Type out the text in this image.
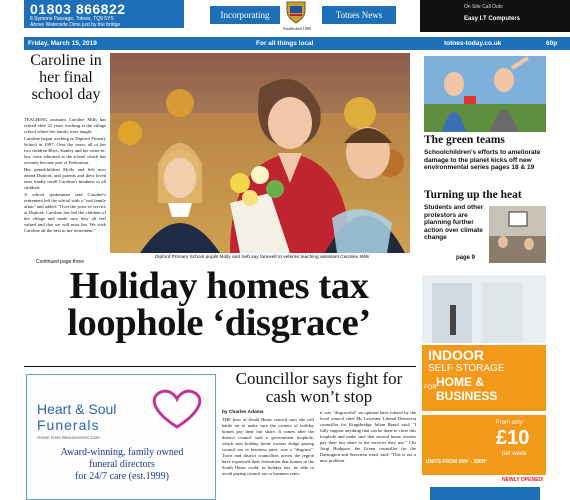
01803 866822
8 Symons Passage, Totnes, TQ9 5YS
Above Waterside Dims just by the bridge
Incorporating
Established 1860
Totnes News
On Site Call Outs
Easy I.T Computers
Friday, March 15, 2019	For all things local	totnes-today.co.uk	60p
Caroline in her final school day

TEACHING assistant Caroline Mills has retired after 22 years working at the village school where her family were taught.

Caroline began working in Dipford Primary School in 1997. Over the years, all of her two children Rhys, Stanley and her sister-in-law, were educated at the school which has recently become part of Federation.

Her grandchildren Molly and Seb now attend Dipford, and parents and their loved ones fondly recall Caroline's kindness to all children.

A school spokesman said Caroline's retirement left the school with a "real family affair" and added: "Over the years of service at Dipford, Caroline has led the children of the village and made sure they all feel valued and that we will miss her. We wish Caroline all the best in her retirement."

Continued page three
Dipford Primary School pupils Molly and Seb say farewell to veteran teaching assistant Caroline Mills
The green teams
Schoolchildren's efforts to ameliorate damage to the planet kicks off new environmental series pages 18 & 19
Turning up the heat
Students and other protestors are planning further action over climate change
page 9
Holiday homes tax
loophole ‘disgrace’
Heart & Soul
Funerals
Green Fuse Bereavement Care
Award-winning, family owned
funeral directors
for 24/7 care (est.1999)
Councillor says fight for cash won’t stop
by Charles Adams
THE boss of South Hams council says she will battle on to make sure the owners of holiday homes pay their fair share. It comes after the district council said a government loophole, which sees holiday home owners dodge paying council tax or business rates, was a "disgrace". Town and district councillors across the region have expressed their frustration that homes in the South Hams could, as holiday lets, be able to avoid paying council tax or business rates.
it was "disgraceful" an opinion later echoed by the local council chief Ms Leicester. Liberal Democrat councillor for Kingsbridge Julian Brazil said: "I fully support anything that can be done to close this loophole and make sure that second home owners pay their fair share to the services they use." Cllr Jacqi Hodgson, the Green councillor for the Dartington and Staverton ward, said: "This is not a new problem.
INDOOR
SELF STORAGE
FOR HOME &
BUSINESS
From only
£10
per week
UNITS FROM 20ft² - 200ft²
NEWLY OPENED!
